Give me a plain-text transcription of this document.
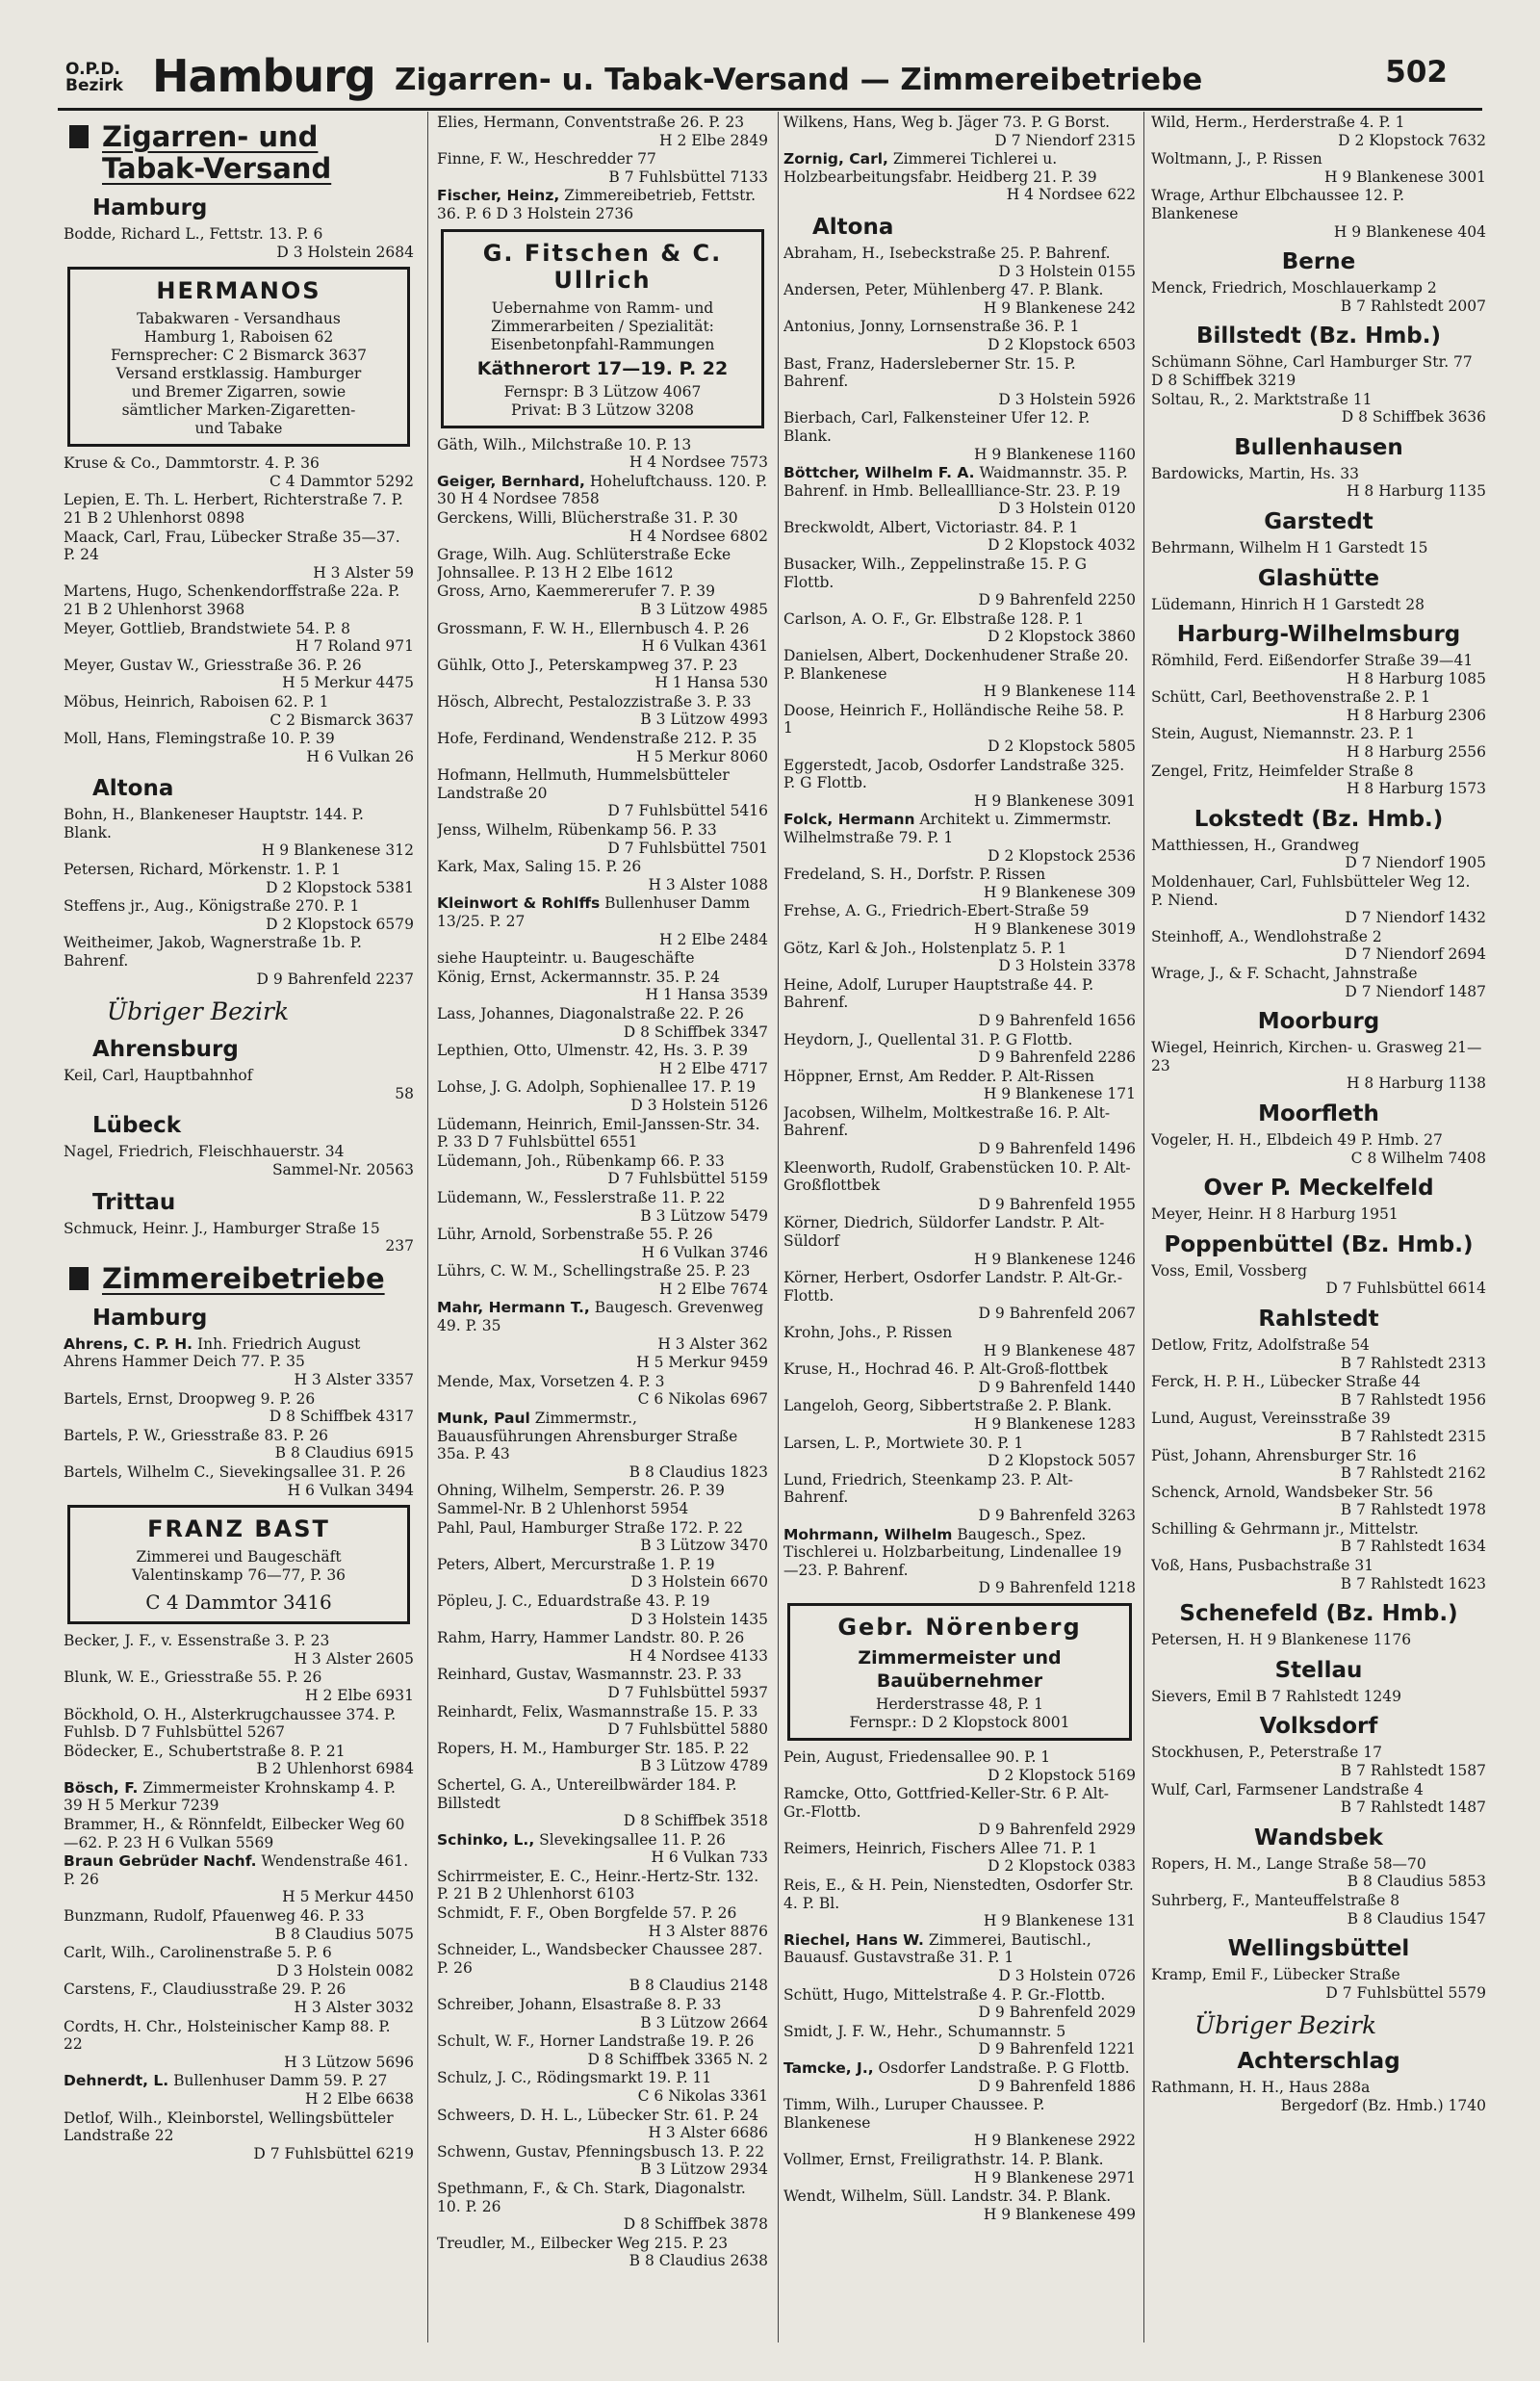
O.P.D.
Bezirk Hamburg Zigarren- u. Tabak-Versand — Zimmereibetriebe	502
Zigarren- und Tabak-Versand
Hamburg
Bodde, Richard L., Fettstr. 13. P. 6
D 3 Holstein 2684
HERMANOS
Tabakwaren - Versandhaus
Hamburg 1, Raboisen 62
Fernsprecher: C 2 Bismarck 3637
Versand erstklassig. Hamburger
und Bremer Zigarren, sowie
sämtlicher Marken-Zigaretten-
und Tabake
Kruse & Co., Dammtorstr. 4. P. 36
C 4 Dammtor 5292
Lepien, E. Th. L. Herbert, Richterstraße 7. P. 21 B 2 Uhlenhorst 0898
Maack, Carl, Frau, Lübecker Straße 35—37. P. 24
H 3 Alster 59
Martens, Hugo, Schenkendorffstraße 22a. P. 21 B 2 Uhlenhorst 3968
Meyer, Gottlieb, Brandstwiete 54. P. 8
H 7 Roland 971
Meyer, Gustav W., Griesstraße 36. P. 26
H 5 Merkur 4475
Möbus, Heinrich, Raboisen 62. P. 1
C 2 Bismarck 3637
Moll, Hans, Flemingstraße 10. P. 39
H 6 Vulkan 26
Altona
Bohn, H., Blankeneser Hauptstr. 144. P. Blank.
H 9 Blankenese 312
Petersen, Richard, Mörkenstr. 1. P. 1
D 2 Klopstock 5381
Steffens jr., Aug., Königstraße 270. P. 1
D 2 Klopstock 6579
Weitheimer, Jakob, Wagnerstraße 1b. P. Bahrenf.
D 9 Bahrenfeld 2237
Übriger Bezirk
Ahrensburg
Keil, Carl, Hauptbahnhof
58
Lübeck
Nagel, Friedrich, Fleischhauerstr. 34
Sammel-Nr. 20563
Trittau
Schmuck, Heinr. J., Hamburger Straße 15
237
Zimmereibetriebe
Hamburg
Ahrens, C. P. H. Inh. Friedrich August Ahrens Hammer Deich 77. P. 35
H 3 Alster 3357
Bartels, Ernst, Droopweg 9. P. 26
D 8 Schiffbek 4317
Bartels, P. W., Griesstraße 83. P. 26
B 8 Claudius 6915
Bartels, Wilhelm C., Sievekingsallee 31. P. 26
H 6 Vulkan 3494
FRANZ BAST
Zimmerei und Baugeschäft
Valentinskamp 76—77, P. 36
C 4 Dammtor 3416
Becker, J. F., v. Essenstraße 3. P. 23
H 3 Alster 2605
Blunk, W. E., Griesstraße 55. P. 26
H 2 Elbe 6931
Böckhold, O. H., Alsterkrugchaussee 374. P. Fuhlsb. D 7 Fuhlsbüttel 5267
Bödecker, E., Schubertstraße 8. P. 21
B 2 Uhlenhorst 6984
Bösch, F. Zimmermeister Krohnskamp 4. P. 39 H 5 Merkur 7239
Brammer, H., & Rönnfeldt, Eilbecker Weg 60—62. P. 23 H 6 Vulkan 5569
Braun Gebrüder Nachf. Wendenstraße 461. P. 26
H 5 Merkur 4450
Bunzmann, Rudolf, Pfauenweg 46. P. 33
B 8 Claudius 5075
Carlt, Wilh., Carolinenstraße 5. P. 6
D 3 Holstein 0082
Carstens, F., Claudiusstraße 29. P. 26
H 3 Alster 3032
Cordts, H. Chr., Holsteinischer Kamp 88. P. 22
H 3 Lützow 5696
Dehnerdt, L. Bullenhuser Damm 59. P. 27
H 2 Elbe 6638
Detlof, Wilh., Kleinborstel, Wellingsbütteler Landstraße 22
D 7 Fuhlsbüttel 6219
Elies, Hermann, Conventstraße 26. P. 23
H 2 Elbe 2849
Finne, F. W., Heschredder 77
B 7 Fuhlsbüttel 7133
Fischer, Heinz, Zimmereibetrieb, Fettstr. 36. P. 6 D 3 Holstein 2736
G. Fitschen & C. Ullrich
Uebernahme von Ramm- und
Zimmerarbeiten / Spezialität:
Eisenbetonpfahl-Rammungen
Käthnerort 17—19. P. 22
Fernspr: B 3 Lützow 4067
Privat: B 3 Lützow 3208
Gäth, Wilh., Milchstraße 10. P. 13
H 4 Nordsee 7573
Geiger, Bernhard, Hoheluftchauss. 120. P. 30 H 4 Nordsee 7858
Gerckens, Willi, Blücherstraße 31. P. 30
H 4 Nordsee 6802
Grage, Wilh. Aug. Schlüterstraße Ecke Johnsallee. P. 13 H 2 Elbe 1612
Gross, Arno, Kaemmererufer 7. P. 39
B 3 Lützow 4985
Grossmann, F. W. H., Ellernbusch 4. P. 26
H 6 Vulkan 4361
Gühlk, Otto J., Peterskampweg 37. P. 23
H 1 Hansa 530
Hösch, Albrecht, Pestalozzistraße 3. P. 33
B 3 Lützow 4993
Hofe, Ferdinand, Wendenstraße 212. P. 35
H 5 Merkur 8060
Hofmann, Hellmuth, Hummelsbütteler Landstraße 20
D 7 Fuhlsbüttel 5416
Jenss, Wilhelm, Rübenkamp 56. P. 33
D 7 Fuhlsbüttel 7501
Kark, Max, Saling 15. P. 26
H 3 Alster 1088
Kleinwort & Rohlffs Bullenhuser Damm 13/25. P. 27
H 2 Elbe 2484
siehe Haupteintr. u. Baugeschäfte
König, Ernst, Ackermannstr. 35. P. 24
H 1 Hansa 3539
Lass, Johannes, Diagonalstraße 22. P. 26
D 8 Schiffbek 3347
Lepthien, Otto, Ulmenstr. 42, Hs. 3. P. 39
H 2 Elbe 4717
Lohse, J. G. Adolph, Sophienallee 17. P. 19
D 3 Holstein 5126
Lüdemann, Heinrich, Emil-Janssen-Str. 34. P. 33 D 7 Fuhlsbüttel 6551
Lüdemann, Joh., Rübenkamp 66. P. 33
D 7 Fuhlsbüttel 5159
Lüdemann, W., Fesslerstraße 11. P. 22
B 3 Lützow 5479
Lühr, Arnold, Sorbenstraße 55. P. 26
H 6 Vulkan 3746
Lührs, C. W. M., Schellingstraße 25. P. 23
H 2 Elbe 7674
Mahr, Hermann T., Baugesch. Grevenweg 49. P. 35
H 3 Alster 362
H 5 Merkur 9459
Mende, Max, Vorsetzen 4. P. 3
C 6 Nikolas 6967
Munk, Paul Zimmermstr., Bauausführungen Ahrensburger Straße 35a. P. 43
B 8 Claudius 1823
Ohning, Wilhelm, Semperstr. 26. P. 39 Sammel-Nr. B 2 Uhlenhorst 5954
Pahl, Paul, Hamburger Straße 172. P. 22
B 3 Lützow 3470
Peters, Albert, Mercurstraße 1. P. 19
D 3 Holstein 6670
Pöpleu, J. C., Eduardstraße 43. P. 19
D 3 Holstein 1435
Rahm, Harry, Hammer Landstr. 80. P. 26
H 4 Nordsee 4133
Reinhard, Gustav, Wasmannstr. 23. P. 33
D 7 Fuhlsbüttel 5937
Reinhardt, Felix, Wasmannstraße 15. P. 33
D 7 Fuhlsbüttel 5880
Ropers, H. M., Hamburger Str. 185. P. 22
B 3 Lützow 4789
Schertel, G. A., Untereilbwärder 184. P. Billstedt
D 8 Schiffbek 3518
Schinko, L., Slevekingsallee 11. P. 26
H 6 Vulkan 733
Schirrmeister, E. C., Heinr.-Hertz-Str. 132. P. 21 B 2 Uhlenhorst 6103
Schmidt, F. F., Oben Borgfelde 57. P. 26
H 3 Alster 8876
Schneider, L., Wandsbecker Chaussee 287. P. 26
B 8 Claudius 2148
Schreiber, Johann, Elsastraße 8. P. 33
B 3 Lützow 2664
Schult, W. F., Horner Landstraße 19. P. 26
D 8 Schiffbek 3365 N. 2
Schulz, J. C., Rödingsmarkt 19. P. 11
C 6 Nikolas 3361
Schweers, D. H. L., Lübecker Str. 61. P. 24
H 3 Alster 6686
Schwenn, Gustav, Pfenningsbusch 13. P. 22
B 3 Lützow 2934
Spethmann, F., & Ch. Stark, Diagonalstr. 10. P. 26
D 8 Schiffbek 3878
Treudler, M., Eilbecker Weg 215. P. 23
B 8 Claudius 2638
Wilkens, Hans, Weg b. Jäger 73. P. G Borst.
D 7 Niendorf 2315
Zornig, Carl, Zimmerei Tichlerei u. Holzbearbeitungsfabr. Heidberg 21. P. 39
H 4 Nordsee 622
Altona
Abraham, H., Isebeckstraße 25. P. Bahrenf.
D 3 Holstein 0155
Andersen, Peter, Mühlenberg 47. P. Blank.
H 9 Blankenese 242
Antonius, Jonny, Lornsenstraße 36. P. 1
D 2 Klopstock 6503
Bast, Franz, Hadersleberner Str. 15. P. Bahrenf.
D 3 Holstein 5926
Bierbach, Carl, Falkensteiner Ufer 12. P. Blank.
H 9 Blankenese 1160
Böttcher, Wilhelm F. A. Waidmannstr. 35. P. Bahrenf. in Hmb. Belleallliance-Str. 23. P. 19
D 3 Holstein 0120
Breckwoldt, Albert, Victoriastr. 84. P. 1
D 2 Klopstock 4032
Busacker, Wilh., Zeppelinstraße 15. P. G Flottb.
D 9 Bahrenfeld 2250
Carlson, A. O. F., Gr. Elbstraße 128. P. 1
D 2 Klopstock 3860
Danielsen, Albert, Dockenhudener Straße 20. P. Blankenese
H 9 Blankenese 114
Doose, Heinrich F., Holländische Reihe 58. P. 1
D 2 Klopstock 5805
Eggerstedt, Jacob, Osdorfer Landstraße 325. P. G Flottb.
H 9 Blankenese 3091
Folck, Hermann Architekt u. Zimmermstr. Wilhelmstraße 79. P. 1
D 2 Klopstock 2536
Fredeland, S. H., Dorfstr. P. Rissen
H 9 Blankenese 309
Frehse, A. G., Friedrich-Ebert-Straße 59
H 9 Blankenese 3019
Götz, Karl & Joh., Holstenplatz 5. P. 1
D 3 Holstein 3378
Heine, Adolf, Luruper Hauptstraße 44. P. Bahrenf.
D 9 Bahrenfeld 1656
Heydorn, J., Quellental 31. P. G Flottb.
D 9 Bahrenfeld 2286
Höppner, Ernst, Am Redder. P. Alt-Rissen
H 9 Blankenese 171
Jacobsen, Wilhelm, Moltkestraße 16. P. Alt-Bahrenf.
D 9 Bahrenfeld 1496
Kleenworth, Rudolf, Grabenstücken 10. P. Alt-Großflottbek
D 9 Bahrenfeld 1955
Körner, Diedrich, Süldorfer Landstr. P. Alt-Süldorf
H 9 Blankenese 1246
Körner, Herbert, Osdorfer Landstr. P. Alt-Gr.-Flottb.
D 9 Bahrenfeld 2067
Krohn, Johs., P. Rissen
H 9 Blankenese 487
Kruse, H., Hochrad 46. P. Alt-Groß-flottbek
D 9 Bahrenfeld 1440
Langeloh, Georg, Sibbertstraße 2. P. Blank.
H 9 Blankenese 1283
Larsen, L. P., Mortwiete 30. P. 1
D 2 Klopstock 5057
Lund, Friedrich, Steenkamp 23. P. Alt-Bahrenf.
D 9 Bahrenfeld 3263
Mohrmann, Wilhelm Baugesch., Spez. Tischlerei u. Holzbarbeitung, Lindenallee 19—23. P. Bahrenf.
D 9 Bahrenfeld 1218
Gebr. Nörenberg
Zimmermeister und Bauübernehmer
Herderstrasse 48, P. 1
Fernspr.: D 2 Klopstock 8001
Pein, August, Friedensallee 90. P. 1
D 2 Klopstock 5169
Ramcke, Otto, Gottfried-Keller-Str. 6 P. Alt-Gr.-Flottb.
D 9 Bahrenfeld 2929
Reimers, Heinrich, Fischers Allee 71. P. 1
D 2 Klopstock 0383
Reis, E., & H. Pein, Nienstedten, Osdorfer Str. 4. P. Bl.
H 9 Blankenese 131
Riechel, Hans W. Zimmerei, Bautischl., Bauausf. Gustavstraße 31. P. 1
D 3 Holstein 0726
Schütt, Hugo, Mittelstraße 4. P. Gr.-Flottb.
D 9 Bahrenfeld 2029
Smidt, J. F. W., Hehr., Schumannstr. 5
D 9 Bahrenfeld 1221
Tamcke, J., Osdorfer Landstraße. P. G Flottb.
D 9 Bahrenfeld 1886
Timm, Wilh., Luruper Chaussee. P. Blankenese
H 9 Blankenese 2922
Vollmer, Ernst, Freiligrathstr. 14. P. Blank.
H 9 Blankenese 2971
Wendt, Wilhelm, Süll. Landstr. 34. P. Blank.
H 9 Blankenese 499
Wild, Herm., Herderstraße 4. P. 1
D 2 Klopstock 7632
Woltmann, J., P. Rissen
H 9 Blankenese 3001
Wrage, Arthur Elbchaussee 12. P. Blankenese
H 9 Blankenese 404
Berne
Menck, Friedrich, Moschlauerkamp 2
B 7 Rahlstedt 2007
Billstedt (Bz. Hmb.)
Schümann Söhne, Carl Hamburger Str. 77 D 8 Schiffbek 3219
Soltau, R., 2. Marktstraße 11
D 8 Schiffbek 3636
Bullenhausen
Bardowicks, Martin, Hs. 33
H 8 Harburg 1135
Garstedt
Behrmann, Wilhelm H 1 Garstedt 15
Glashütte
Lüdemann, Hinrich H 1 Garstedt 28
Harburg-Wilhelmsburg
Römhild, Ferd. Eißendorfer Straße 39—41
H 8 Harburg 1085
Schütt, Carl, Beethovenstraße 2. P. 1
H 8 Harburg 2306
Stein, August, Niemannstr. 23. P. 1
H 8 Harburg 2556
Zengel, Fritz, Heimfelder Straße 8
H 8 Harburg 1573
Lokstedt (Bz. Hmb.)
Matthiessen, H., Grandweg
D 7 Niendorf 1905
Moldenhauer, Carl, Fuhlsbütteler Weg 12. P. Niend.
D 7 Niendorf 1432
Steinhoff, A., Wendlohstraße 2
D 7 Niendorf 2694
Wrage, J., & F. Schacht, Jahnstraße
D 7 Niendorf 1487
Moorburg
Wiegel, Heinrich, Kirchen- u. Grasweg 21—23
H 8 Harburg 1138
Moorfleth
Vogeler, H. H., Elbdeich 49 P. Hmb. 27
C 8 Wilhelm 7408
Over P. Meckelfeld
Meyer, Heinr. H 8 Harburg 1951
Poppenbüttel (Bz. Hmb.)
Voss, Emil, Vossberg
D 7 Fuhlsbüttel 6614
Rahlstedt
Detlow, Fritz, Adolfstraße 54
B 7 Rahlstedt 2313
Ferck, H. P. H., Lübecker Straße 44
B 7 Rahlstedt 1956
Lund, August, Vereinsstraße 39
B 7 Rahlstedt 2315
Püst, Johann, Ahrensburger Str. 16
B 7 Rahlstedt 2162
Schenck, Arnold, Wandsbeker Str. 56
B 7 Rahlstedt 1978
Schilling & Gehrmann jr., Mittelstr.
B 7 Rahlstedt 1634
Voß, Hans, Pusbachstraße 31
B 7 Rahlstedt 1623
Schenefeld (Bz. Hmb.)
Petersen, H. H 9 Blankenese 1176
Stellau
Sievers, Emil B 7 Rahlstedt 1249
Volksdorf
Stockhusen, P., Peterstraße 17
B 7 Rahlstedt 1587
Wulf, Carl, Farmsener Landstraße 4
B 7 Rahlstedt 1487
Wandsbek
Ropers, H. M., Lange Straße 58—70
B 8 Claudius 5853
Suhrberg, F., Manteuffelstraße 8
B 8 Claudius 1547
Wellingsbüttel
Kramp, Emil F., Lübecker Straße
D 7 Fuhlsbüttel 5579
Übriger Bezirk
Achterschlag
Rathmann, H. H., Haus 288a
Bergedorf (Bz. Hmb.) 1740
